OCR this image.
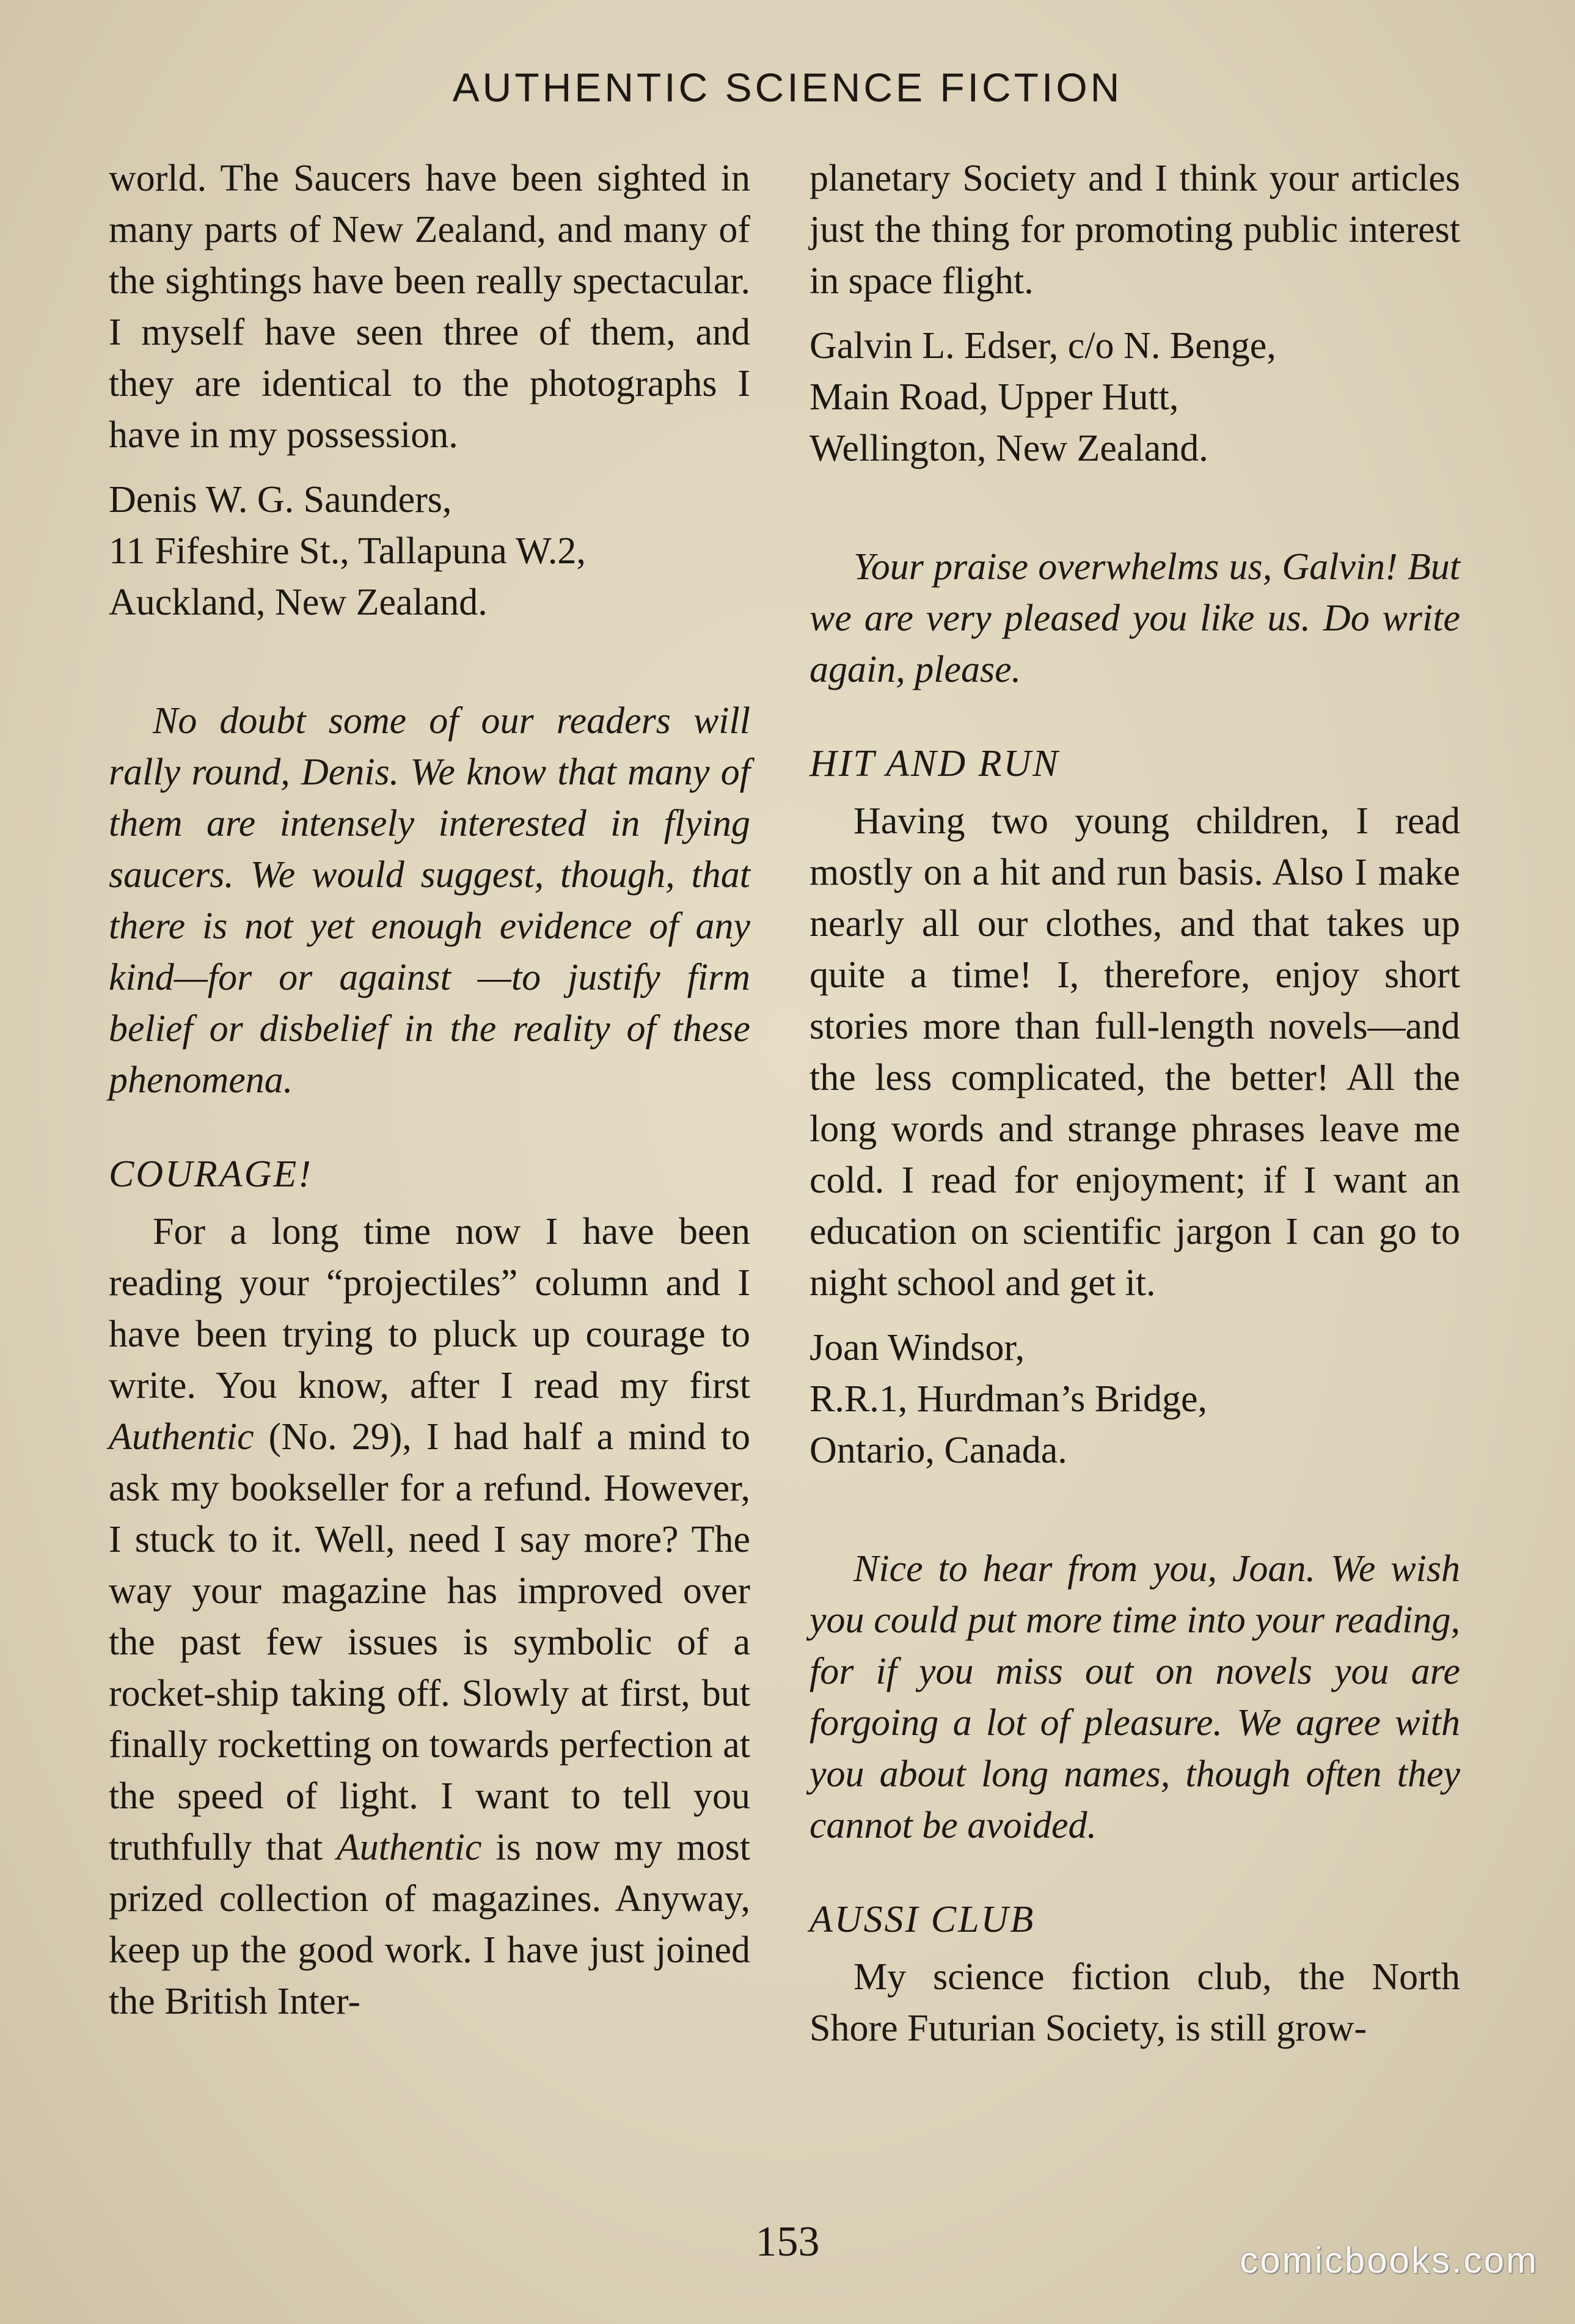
AUTHENTIC SCIENCE FICTION

world. The Saucers have been sighted in many parts of New Zealand, and many of the sightings have been really spectacular. I myself have seen three of them, and they are identical to the photographs I have in my possession.

Denis W. G. Saunders,
11 Fifeshire St., Tallapuna W.2,
Auckland, New Zealand.

No doubt some of our readers will rally round, Denis. We know that many of them are intensely interested in flying saucers. We would suggest, though, that there is not yet enough evidence of any kind—for or against —to justify firm belief or disbelief in the reality of these phenomena.

COURAGE!

For a long time now I have been reading your “projectiles” column and I have been trying to pluck up courage to write. You know, after I read my first Authentic (No. 29), I had half a mind to ask my bookseller for a refund. However, I stuck to it. Well, need I say more? The way your magazine has improved over the past few issues is symbolic of a rocket-ship taking off. Slowly at first, but finally rocketting on towards perfection at the speed of light. I want to tell you truthfully that Authentic is now my most prized collection of magazines. Anyway, keep up the good work. I have just joined the British Inter-

planetary Society and I think your articles just the thing for promoting public interest in space flight.

Galvin L. Edser, c/o N. Benge,
Main Road, Upper Hutt,
Wellington, New Zealand.

Your praise overwhelms us, Galvin! But we are very pleased you like us. Do write again, please.

HIT AND RUN

Having two young children, I read mostly on a hit and run basis. Also I make nearly all our clothes, and that takes up quite a time! I, therefore, enjoy short stories more than full-length novels—and the less complicated, the better! All the long words and strange phrases leave me cold. I read for enjoyment; if I want an education on scientific jargon I can go to night school and get it.

Joan Windsor,
R.R.1, Hurdman’s Bridge,
Ontario, Canada.

Nice to hear from you, Joan. We wish you could put more time into your reading, for if you miss out on novels you are forgoing a lot of pleasure. We agree with you about long names, though often they cannot be avoided.

AUSSI CLUB

My science fiction club, the North Shore Futurian Society, is still grow-

153	comicbooks.com
